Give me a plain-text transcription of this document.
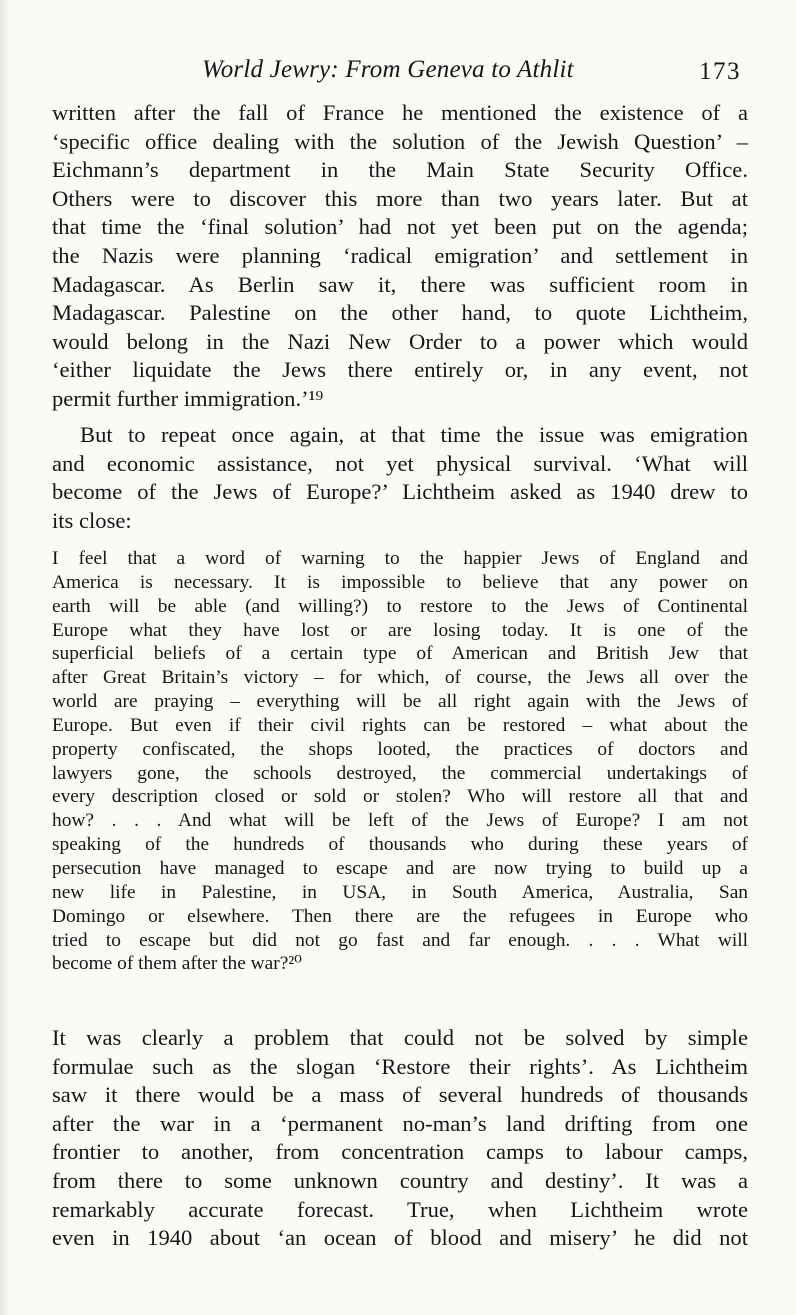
World Jewry: From Geneva to Athlit	173
written after the fall of France he mentioned the existence of a
‘specific office dealing with the solution of the Jewish Question’ –
Eichmann’s department in the Main State Security Office.
Others were to discover this more than two years later. But at
that time the ‘final solution’ had not yet been put on the agenda;
the Nazis were planning ‘radical emigration’ and settlement in
Madagascar. As Berlin saw it, there was sufficient room in
Madagascar. Palestine on the other hand, to quote Lichtheim,
would belong in the Nazi New Order to a power which would
‘either liquidate the Jews there entirely or, in any event, not
permit further immigration.’¹⁹
But to repeat once again, at that time the issue was emigration
and economic assistance, not yet physical survival. ‘What will
become of the Jews of Europe?’ Lichtheim asked as 1940 drew to
its close:
I feel that a word of warning to the happier Jews of England and
America is necessary. It is impossible to believe that any power on
earth will be able (and willing?) to restore to the Jews of Continental
Europe what they have lost or are losing today. It is one of the
superficial beliefs of a certain type of American and British Jew that
after Great Britain’s victory – for which, of course, the Jews all over the
world are praying – everything will be all right again with the Jews of
Europe. But even if their civil rights can be restored – what about the
property confiscated, the shops looted, the practices of doctors and
lawyers gone, the schools destroyed, the commercial undertakings of
every description closed or sold or stolen? Who will restore all that and
how? . . . And what will be left of the Jews of Europe? I am not
speaking of the hundreds of thousands who during these years of
persecution have managed to escape and are now trying to build up a
new life in Palestine, in USA, in South America, Australia, San
Domingo or elsewhere. Then there are the refugees in Europe who
tried to escape but did not go fast and far enough. . . . What will
become of them after the war?²⁰
It was clearly a problem that could not be solved by simple
formulae such as the slogan ‘Restore their rights’. As Lichtheim
saw it there would be a mass of several hundreds of thousands
after the war in a ‘permanent no-man’s land drifting from one
frontier to another, from concentration camps to labour camps,
from there to some unknown country and destiny’. It was a
remarkably accurate forecast. True, when Lichtheim wrote
even in 1940 about ‘an ocean of blood and misery’ he did not
